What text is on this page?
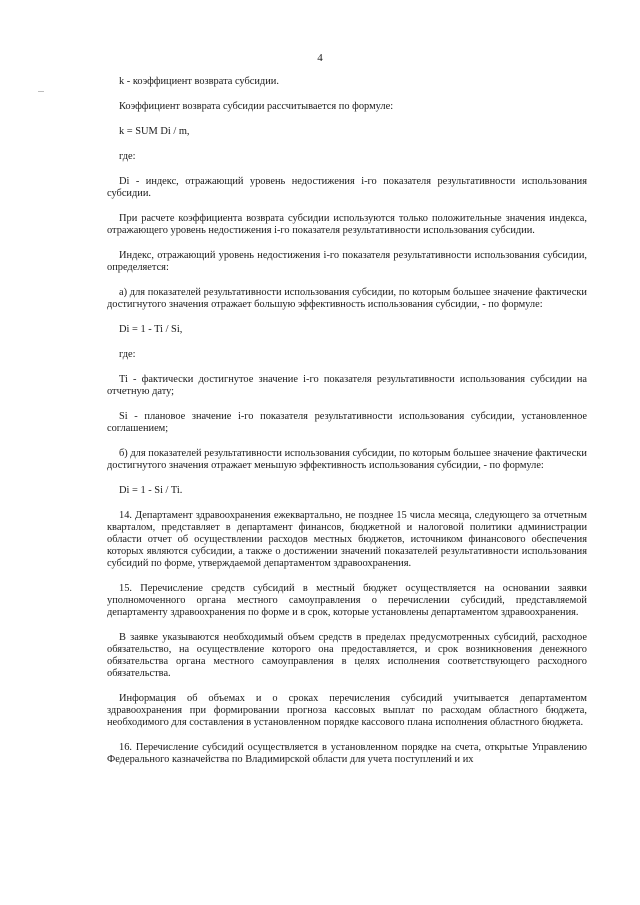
4

k - коэффициент возврата субсидии.

Коэффициент возврата субсидии рассчитывается по формуле:

k = SUM Di / m,

где:

Di - индекс, отражающий уровень недостижения i-го показателя результативности использования субсидии.

При расчете коэффициента возврата субсидии используются только положительные значения индекса, отражающего уровень недостижения i-го показателя результативности использования субсидии.

Индекс, отражающий уровень недостижения i-го показателя результативности использования субсидии, определяется:

а) для показателей результативности использования субсидии, по которым большее значение фактически достигнутого значения отражает большую эффективность использования субсидии, - по формуле:

Di = 1 - Ti / Si,

где:

Ti - фактически достигнутое значение i-го показателя результативности использования субсидии на отчетную дату;

Si - плановое значение i-го показателя результативности использования субсидии, установленное соглашением;

б) для показателей результативности использования субсидии, по которым большее значение фактически достигнутого значения отражает меньшую эффективность использования субсидии, - по формуле:

Di = 1 - Si / Ti.

14. Департамент здравоохранения ежеквартально, не позднее 15 числа месяца, следующего за отчетным кварталом, представляет в департамент финансов, бюджетной и налоговой политики администрации области отчет об осуществлении расходов местных бюджетов, источником финансового обеспечения которых являются субсидии, а также о достижении значений показателей результативности использования субсидий по форме, утверждаемой департаментом здравоохранения.

15. Перечисление средств субсидий в местный бюджет осуществляется на основании заявки уполномоченного органа местного самоуправления о перечислении субсидий, представляемой департаменту здравоохранения по форме и в срок, которые установлены департаментом здравоохранения.

В заявке указываются необходимый объем средств в пределах предусмотренных субсидий, расходное обязательство, на осуществление которого она предоставляется, и срок возникновения денежного обязательства органа местного самоуправления в целях исполнения соответствующего расходного обязательства.

Информация об объемах и о сроках перечисления субсидий учитывается департаментом здравоохранения при формировании прогноза кассовых выплат по расходам областного бюджета, необходимого для составления в установленном порядке кассового плана исполнения областного бюджета.

16. Перечисление субсидий осуществляется в установленном порядке на счета, открытые Управлению Федерального казначейства по Владимирской области для учета поступлений и их
